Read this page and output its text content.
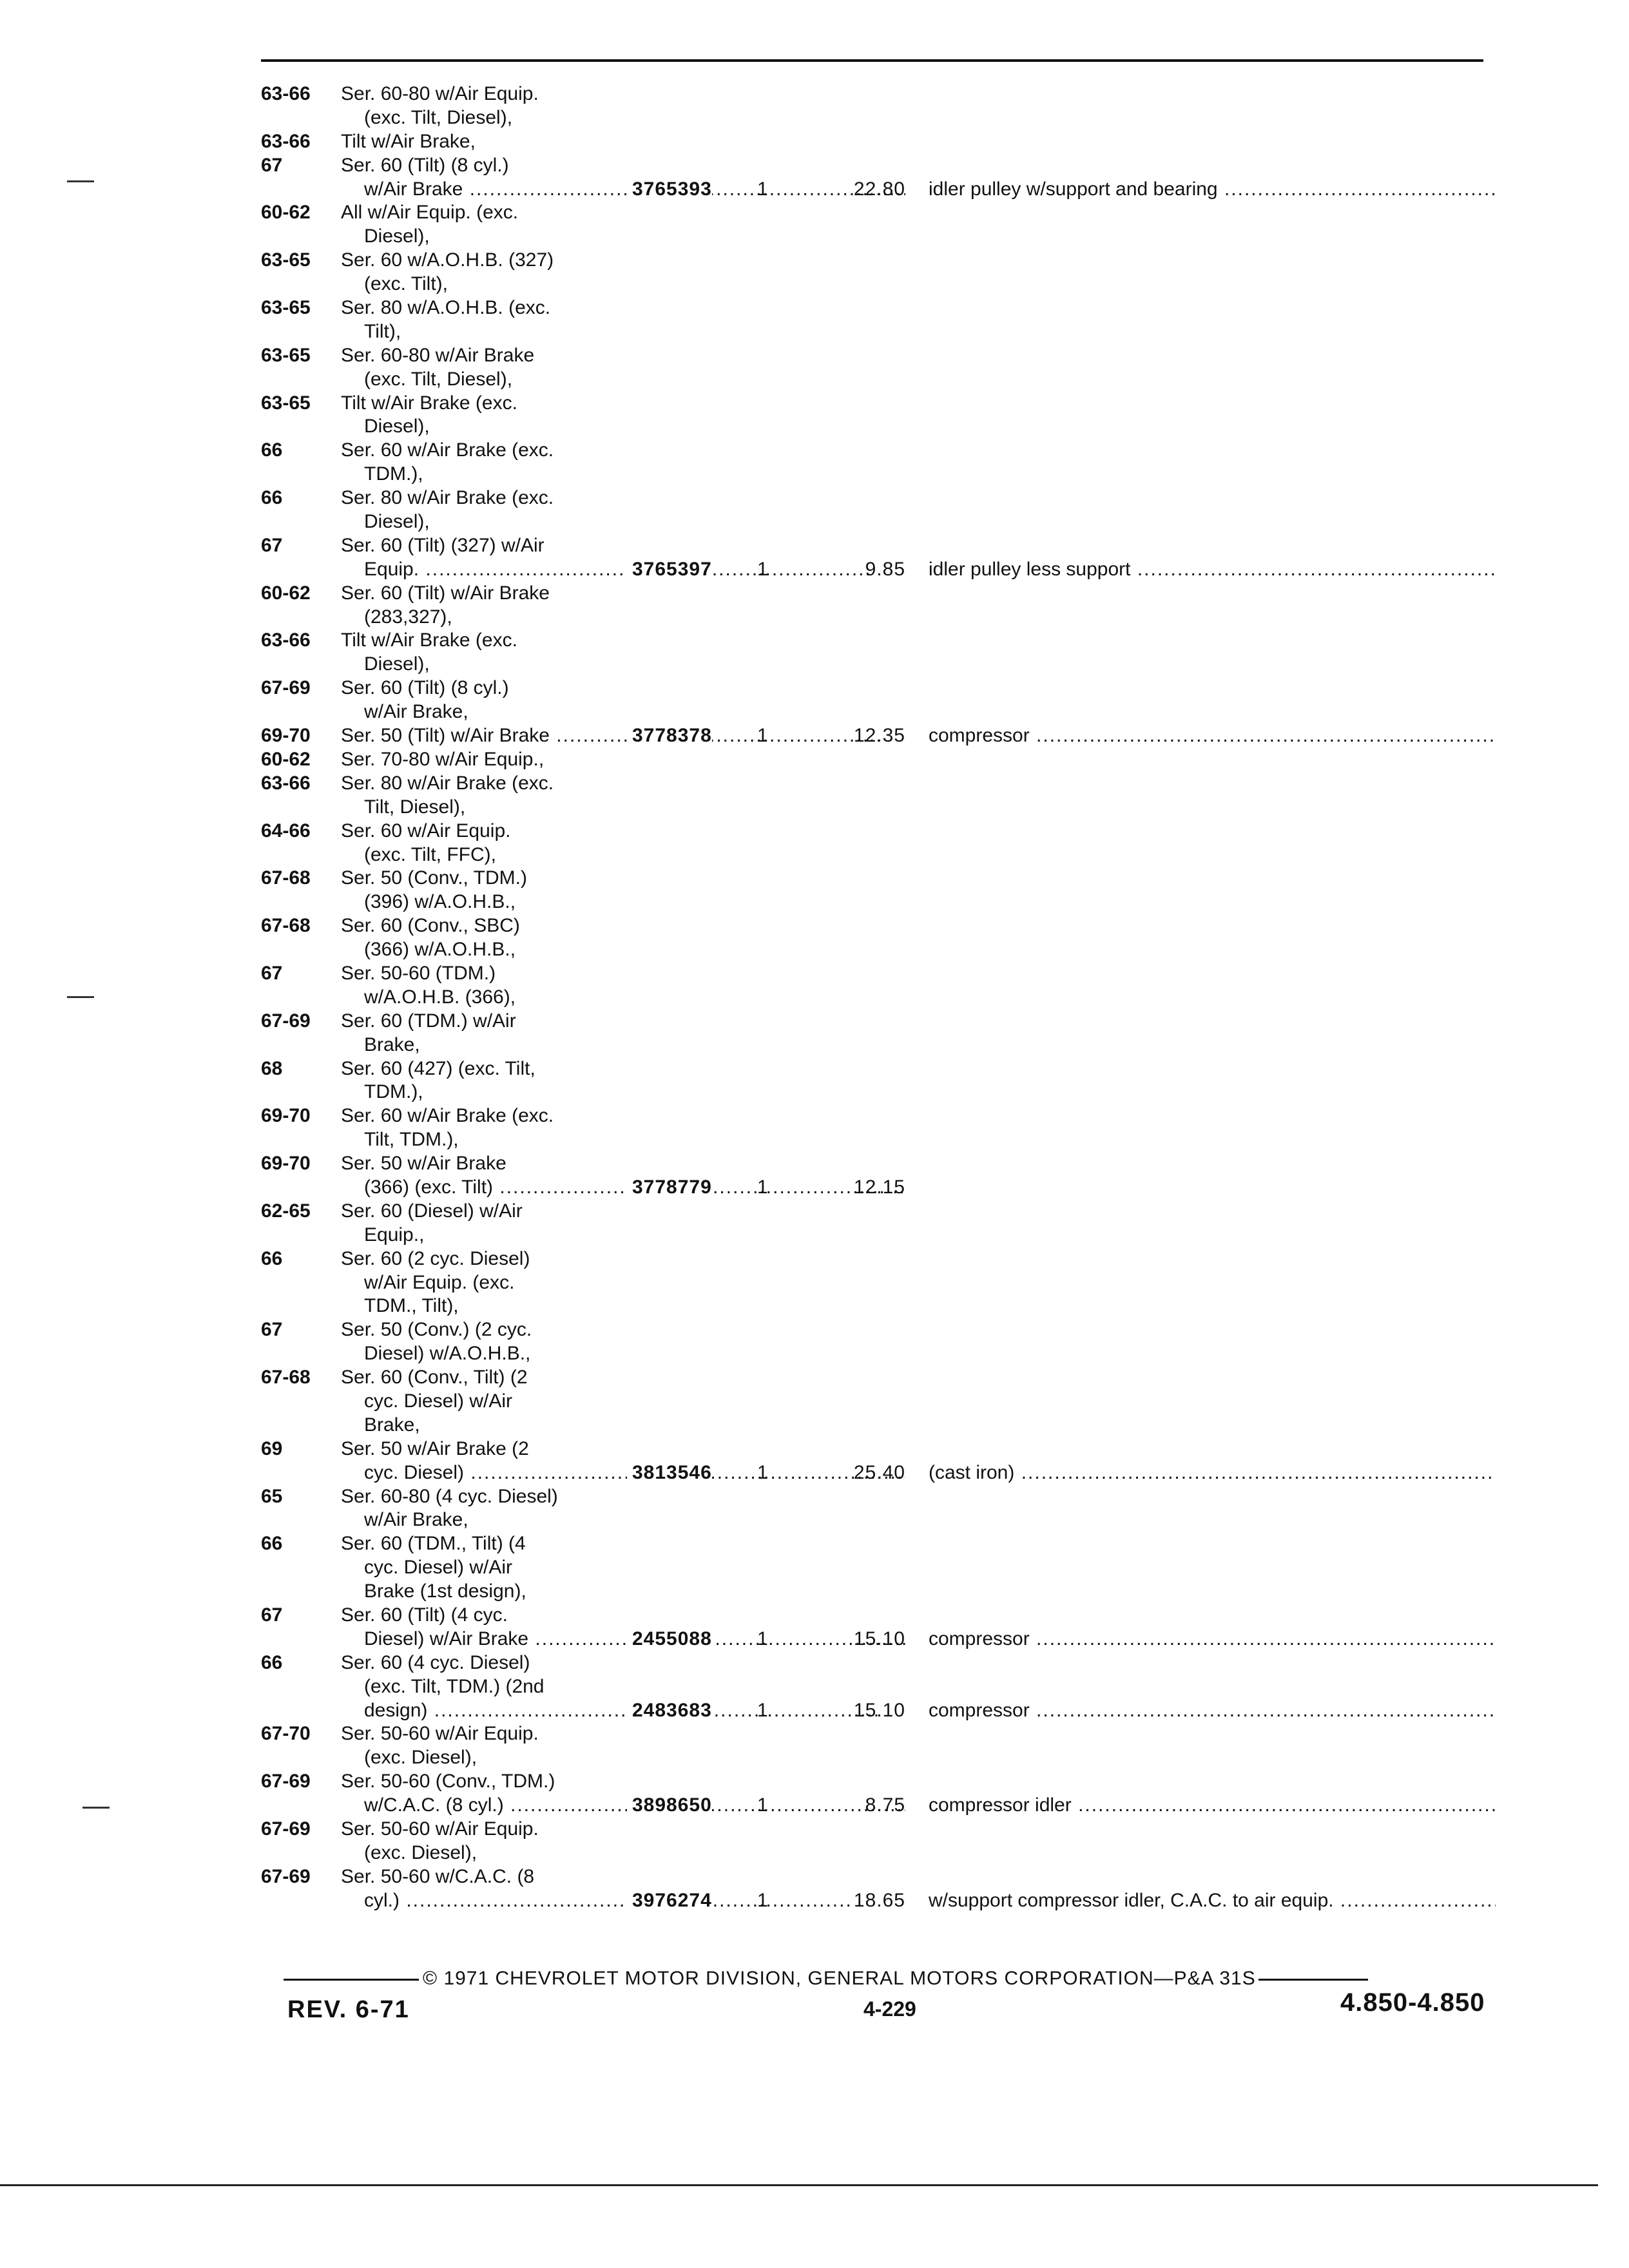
63-66	Ser. 60-80 w/Air Equip.
(exc. Tilt, Diesel),
63-66	Tilt w/Air Brake,
67	Ser. 60 (Tilt) (8 cyl.)
w/Air Brake .....	3765393 1	22.80 idler pulley w/support and bearing .....
60-62	All w/Air Equip. (exc.
Diesel),
63-65	Ser. 60 w/A.O.H.B. (327)
(exc. Tilt),
63-65	Ser. 80 w/A.O.H.B. (exc.
Tilt),
63-65	Ser. 60-80 w/Air Brake
(exc. Tilt, Diesel),
63-65	Tilt w/Air Brake (exc.
Diesel),
66	Ser. 60 w/Air Brake (exc.
TDM.),
66	Ser. 80 w/Air Brake (exc.
Diesel),
67	Ser. 60 (Tilt) (327) w/Air
Equip. .....	3765397 1	9.85 idler pulley less support .....
60-62	Ser. 60 (Tilt) w/Air Brake
(283,327),
63-66	Tilt w/Air Brake (exc.
Diesel),
67-69	Ser. 60 (Tilt) (8 cyl.)
w/Air Brake,
69-70	Ser. 50 (Tilt) w/Air Brake .....	3778378 1	12.35 compressor .....
60-62	Ser. 70-80 w/Air Equip.,
63-66	Ser. 80 w/Air Brake (exc.
Tilt, Diesel),
64-66	Ser. 60 w/Air Equip.
(exc. Tilt, FFC),
67-68	Ser. 50 (Conv., TDM.)
(396) w/A.O.H.B.,
67-68	Ser. 60 (Conv., SBC)
(366) w/A.O.H.B.,
67	Ser. 50-60 (TDM.)
w/A.O.H.B. (366),
67-69	Ser. 60 (TDM.) w/Air
Brake,
68	Ser. 60 (427) (exc. Tilt,
TDM.),
69-70	Ser. 60 w/Air Brake (exc.
Tilt, TDM.),
69-70	Ser. 50 w/Air Brake
(366) (exc. Tilt) .....	3778779 1	12.15
62-65	Ser. 60 (Diesel) w/Air
Equip.,
66	Ser. 60 (2 cyc. Diesel)
w/Air Equip. (exc.
TDM., Tilt),
67	Ser. 50 (Conv.) (2 cyc.
Diesel) w/A.O.H.B.,
67-68	Ser. 60 (Conv., Tilt) (2
cyc. Diesel) w/Air
Brake,
69	Ser. 50 w/Air Brake (2
cyc. Diesel) .....	3813546 1	25.40 (cast iron) .....
65	Ser. 60-80 (4 cyc. Diesel)
w/Air Brake,
66	Ser. 60 (TDM., Tilt) (4
cyc. Diesel) w/Air
Brake (1st design),
67	Ser. 60 (Tilt) (4 cyc.
Diesel) w/Air Brake .....	2455088 1	15.10 compressor .....
66	Ser. 60 (4 cyc. Diesel)
(exc. Tilt, TDM.) (2nd
design) .....	2483683 1	15.10 compressor .....
67-70	Ser. 50-60 w/Air Equip.
(exc. Diesel),
67-69	Ser. 50-60 (Conv., TDM.)
w/C.A.C. (8 cyl.) .....	3898650 1	8.75 compressor idler .....
67-69	Ser. 50-60 w/Air Equip.
(exc. Diesel),
67-69	Ser. 50-60 w/C.A.C. (8
cyl.) .....	3976274 1	18.65 w/support compressor idler, C.A.C. to air equip. .....
© 1971 CHEVROLET MOTOR DIVISION, GENERAL MOTORS CORPORATION—P&A 31S
REV. 6-71	4-229	4.850-4.850
